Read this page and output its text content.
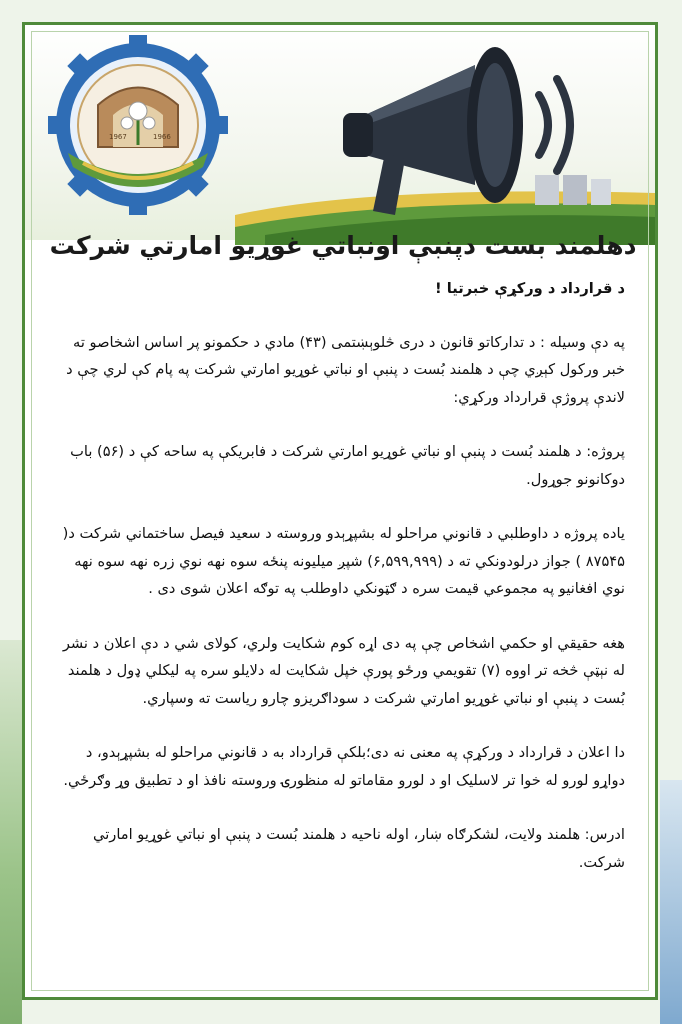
1967	1966
دهلمند بست دپنبې اونباتي غوړيو امارتي شرکت

د قرارداد د ورکړې خبرتيا !

په دې وسيله : د تدارکاتو قانون د دری څلوېښتمی (۴۳) مادي د حکمونو پر اساس اشخاصو ته خبر ورکول کېږي چې د هلمند بُست د پنبې او نباتي غوړيو امارتي شرکت په پام کې لري چې د لاندې پروژې قرارداد ورکړي:

پروژه: د هلمند بُست د پنبې او نباتي غوړيو امارتي شرکت د فابريکې په ساحه کې د (۵۶) باب دوکانونو جوړول.

ياده پروژه د داوطلبي د قانوني مراحلو له بشپړېدو وروسته د سعيد فيصل ساختماني شرکت د( ۸۷۵۴۵ ) جواز درلودونکي ته د (۶,۵۹۹,۹۹۹) شپږ ميليونه پنځه سوه نهه نوي زره نهه سوه نهه نوي افغانيو په مجموعي قيمت سره د ګټونکي داوطلب په توګه اعلان شوی دی .

هغه حقيقي او حکمي اشخاص چې په دی اړه کوم شکايت ولري، کولای شي د دې اعلان د نشر له نېټې څخه تر اووه (۷) تقويمي ورځو پورې خپل شکايت له دلايلو سره په ليکلي ډول د هلمند بُست د پنبې او نباتي غوړيو امارتي شرکت د سوداګريزو چارو رياست ته وسپاري.

دا اعلان د قرارداد د ورکړې په معنی نه دی؛بلکې قرارداد به د قانوني مراحلو له بشپړېدو، د دواړو لورو له خوا تر لاسليک او د لورو مقاماتو له منظورۍ وروسته نافذ او د تطبيق وړ وګرځي.

ادرس: هلمند ولايت، لشکرګاه ښار، اوله ناحيه د هلمند بُست د پنبې او نباتي غوړيو امارتي شرکت.
